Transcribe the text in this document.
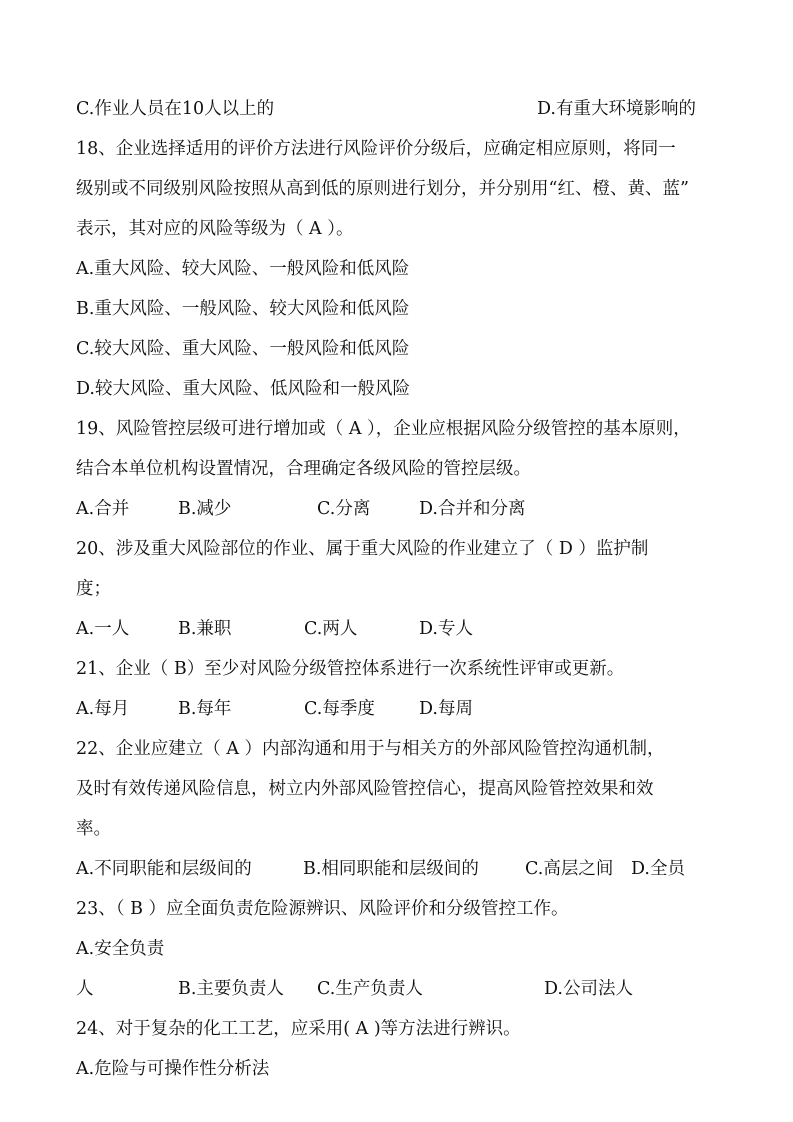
C.作业人员在10人以上的	D.有重大环境影响的
18、企业选择适用的评价方法进行风险评价分级后，应确定相应原则，将同一
级别或不同级别风险按照从高到低的原则进行划分，并分别用“红、橙、黄、蓝”
表示，其对应的风险等级为（ A ）。
A.重大风险、较大风险、一般风险和低风险
B.重大风险、一般风险、较大风险和低风险
C.较大风险、重大风险、一般风险和低风险
D.较大风险、重大风险、低风险和一般风险
19、风险管控层级可进行增加或（ A ），企业应根据风险分级管控的基本原则，
结合本单位机构设置情况，合理确定各级风险的管控层级。
A.合并	B.减少	C.分离	D.合并和分离
20、涉及重大风险部位的作业、属于重大风险的作业建立了（ D ）监护制
度；
A.一人	B.兼职	C.两人	D.专人
21、企业（ B）至少对风险分级管控体系进行一次系统性评审或更新。
A.每月	B.每年	C.每季度	D.每周
22、企业应建立（ A ）内部沟通和用于与相关方的外部风险管控沟通机制，
及时有效传递风险信息，树立内外部风险管控信心，提高风险管控效果和效
率。
A.不同职能和层级间的	B.相同职能和层级间的	C.高层之间 D.全员
23、（ B ）应全面负责危险源辨识、风险评价和分级管控工作。
A.安全负责
人	B.主要负责人 C.生产负责人	D.公司法人
24、对于复杂的化工工艺，应采用( A )等方法进行辨识。
A.危险与可操作性分析法
